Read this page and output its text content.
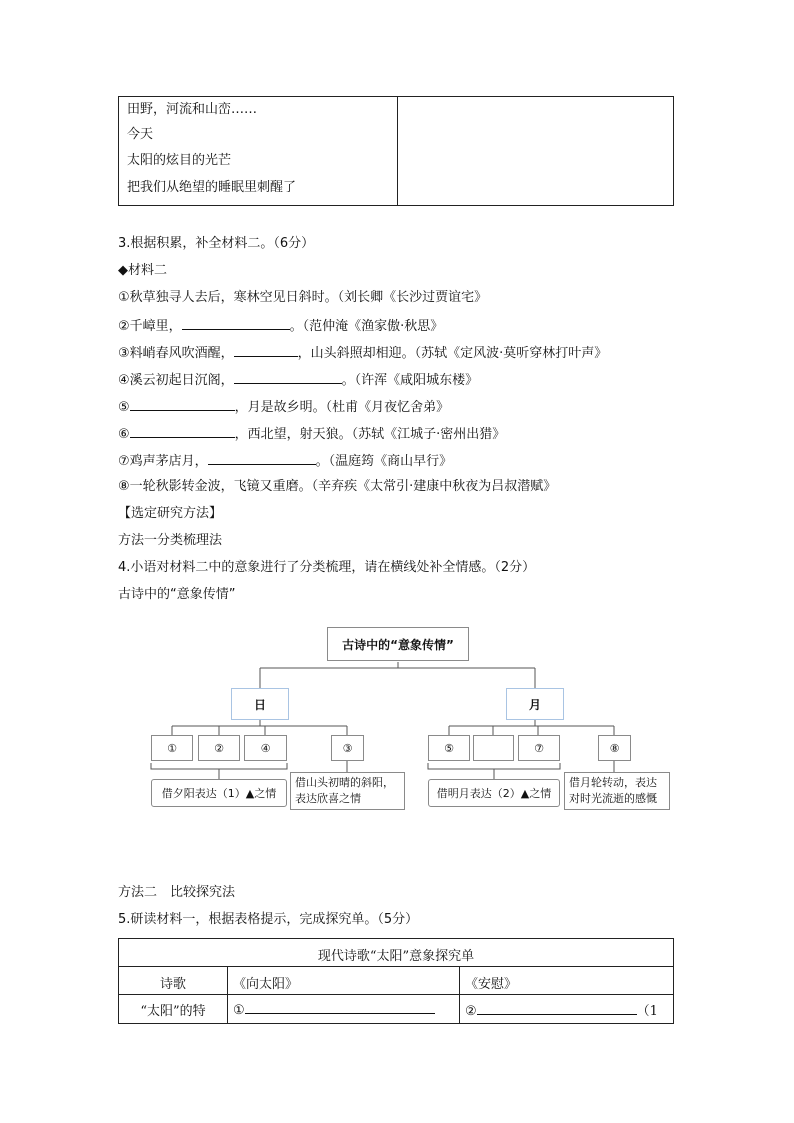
田野，河流和山峦……
今天
太阳的炫目的光芒
把我们从绝望的睡眠里刺醒了
3.根据积累，补全材料二。（6分）
◆材料二
①秋草独寻人去后，寒林空见日斜时。（刘长卿《长沙过贾谊宅》
②千嶂里，	。（范仲淹《渔家傲·秋思》
③料峭春风吹酒醒，	，山头斜照却相迎。（苏轼《定风波·莫听穿林打叶声》
④溪云初起日沉阁，	。（许浑《咸阳城东楼》
⑤	，月是故乡明。（杜甫《月夜忆舍弟》
⑥	，西北望，射天狼。（苏轼《江城子·密州出猎》
⑦鸡声茅店月，	。（温庭筠《商山早行》
⑧一轮秋影转金波，飞镜又重磨。（辛弃疾《太常引·建康中秋夜为吕叔潜赋》
【选定研究方法】
方法一分类梳理法
4.小语对材料二中的意象进行了分类梳理，请在横线处补全情感。（2分）
古诗中的“意象传情”
古诗中的“意象传情”
日	月
①	②	④	③	⑤	⑦	⑧
借夕阳表达（1）▲之情
借山头初晴的斜阳，表达欣喜之情	借明月表达（2）▲之情
借月轮转动，表达对时光流逝的感慨
方法二　比较探究法
5.研读材料一，根据表格提示，完成探究单。（5分）
现代诗歌“太阳”意象探究单
诗歌	《向太阳》	《安慰》
“太阳”的特	①	②	（1
